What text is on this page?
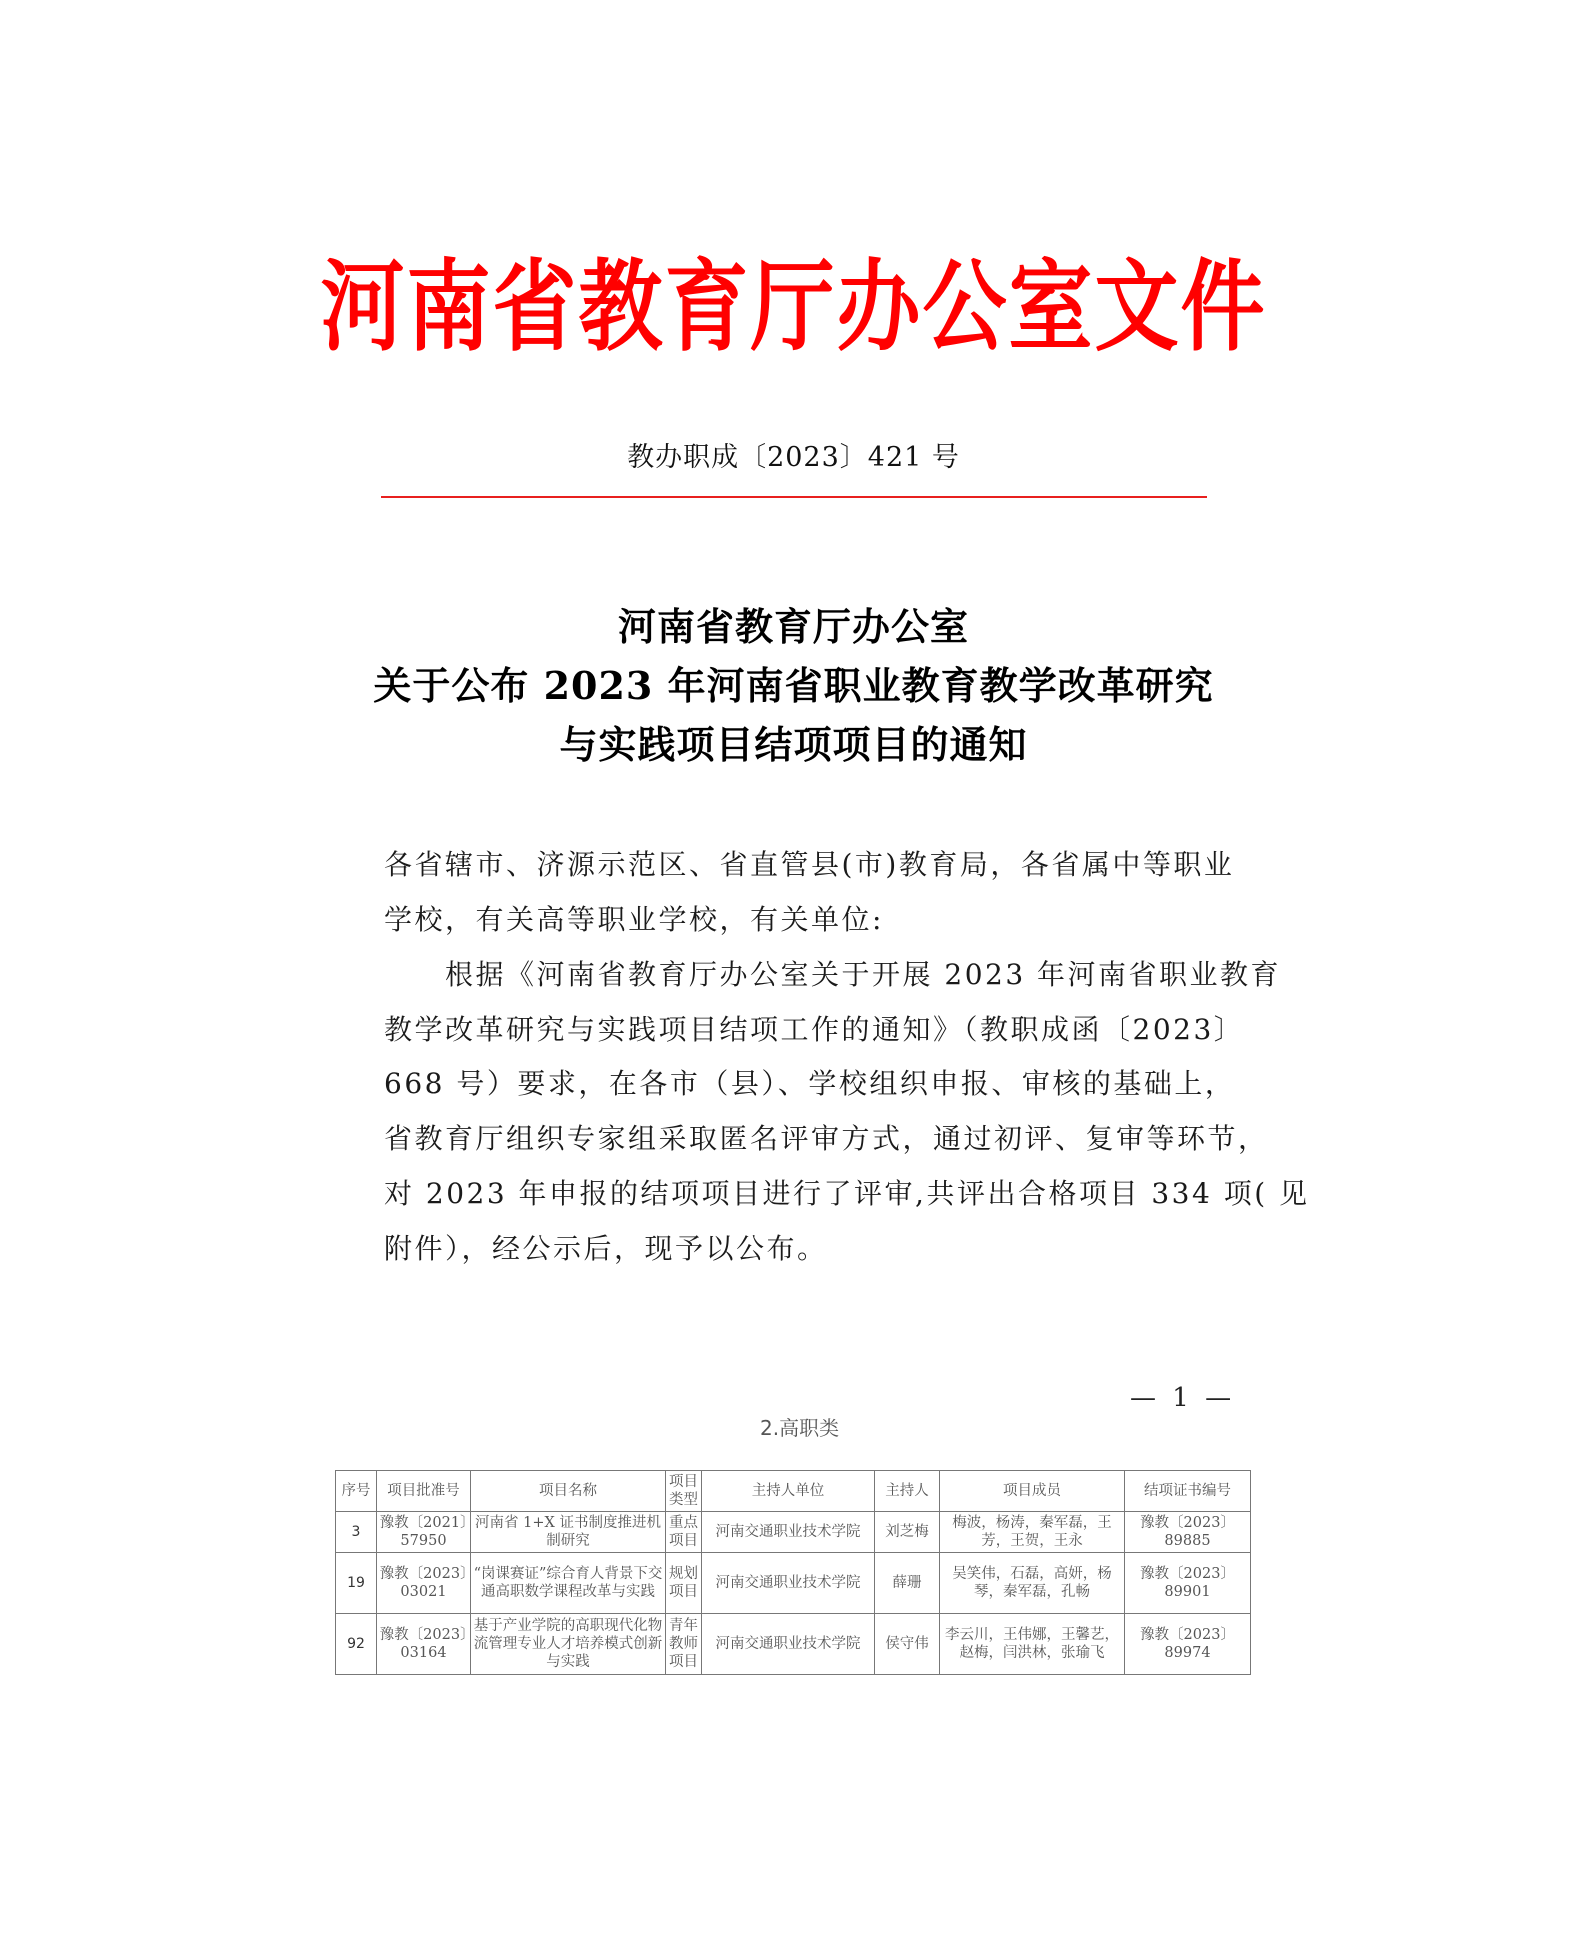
河南省教育厅办公室文件
教办职成〔2023〕421 号
河南省教育厅办公室
关于公布 2023 年河南省职业教育教学改革研究
与实践项目结项项目的通知
各省辖市、济源示范区、省直管县(市)教育局，各省属中等职业
学校，有关高等职业学校，有关单位:
　　根据《河南省教育厅办公室关于开展 2023 年河南省职业教育
教学改革研究与实践项目结项工作的通知》（教职成函〔2023〕
668 号）要求，在各市（县）、学校组织申报、审核的基础上，
省教育厅组织专家组采取匿名评审方式，通过初评、复审等环节，
对 2023 年申报的结项项目进行了评审,共评出合格项目 334 项( 见
附件），经公示后，现予以公布。
— 1 —
2.高职类
序号	项目批准号	项目名称	项目类型	主持人单位	主持人	项目成员	结项证书编号
3	豫教〔2021〕57950	河南省 1+X 证书制度推进机制研究	重点项目	河南交通职业技术学院	刘芝梅	梅波，杨涛，秦军磊，王芳，王贺，王永	豫教〔2023〕89885
19	豫教〔2023〕03021	“岗课赛证”综合育人背景下交通高职数学课程改革与实践	规划项目	河南交通职业技术学院	薛珊	吴笑伟，石磊，高妍，杨琴，秦军磊，孔畅	豫教〔2023〕89901
92	豫教〔2023〕03164	基于产业学院的高职现代化物流管理专业人才培养模式创新与实践	青年教师项目	河南交通职业技术学院	侯守伟	李云川，王伟娜，王馨艺，赵梅，闫洪林，张瑜飞	豫教〔2023〕89974
